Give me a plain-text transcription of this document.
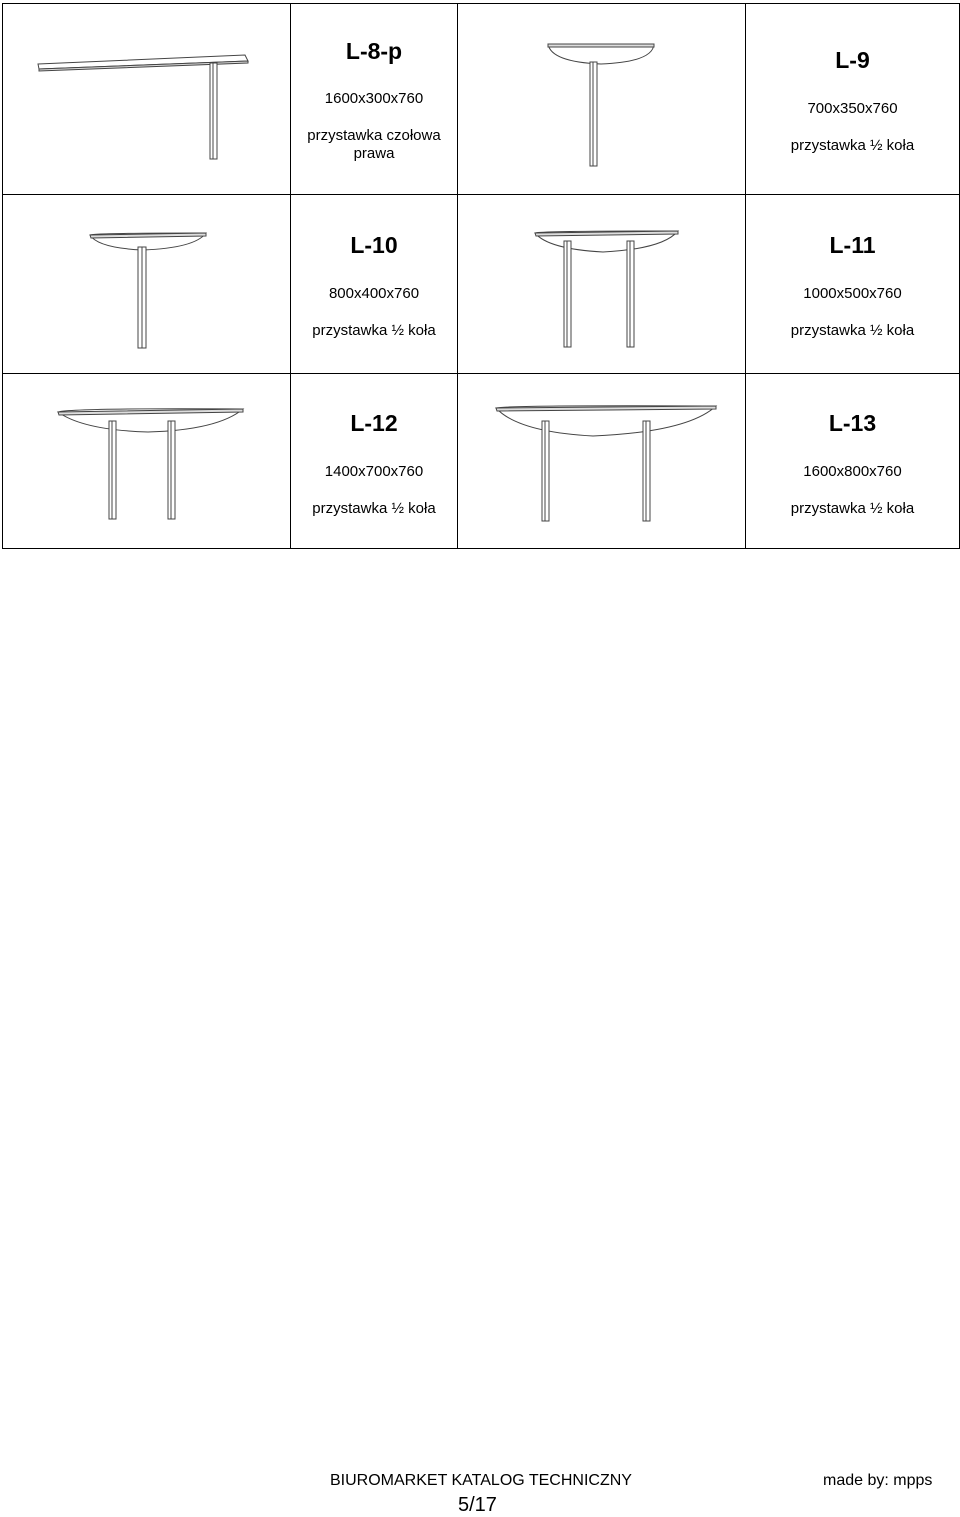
L-8-p
1600x300x760
przystawka czołowa
prawa
L-9
700x350x760
przystawka ½ koła
L-10
800x400x760
przystawka ½ koła
L-11
1000x500x760
przystawka ½ koła
L-12
1400x700x760
przystawka ½ koła
L-13
1600x800x760
przystawka ½ koła
BIUROMARKET KATALOG TECHNICZNY	made by: mpps
5/17
